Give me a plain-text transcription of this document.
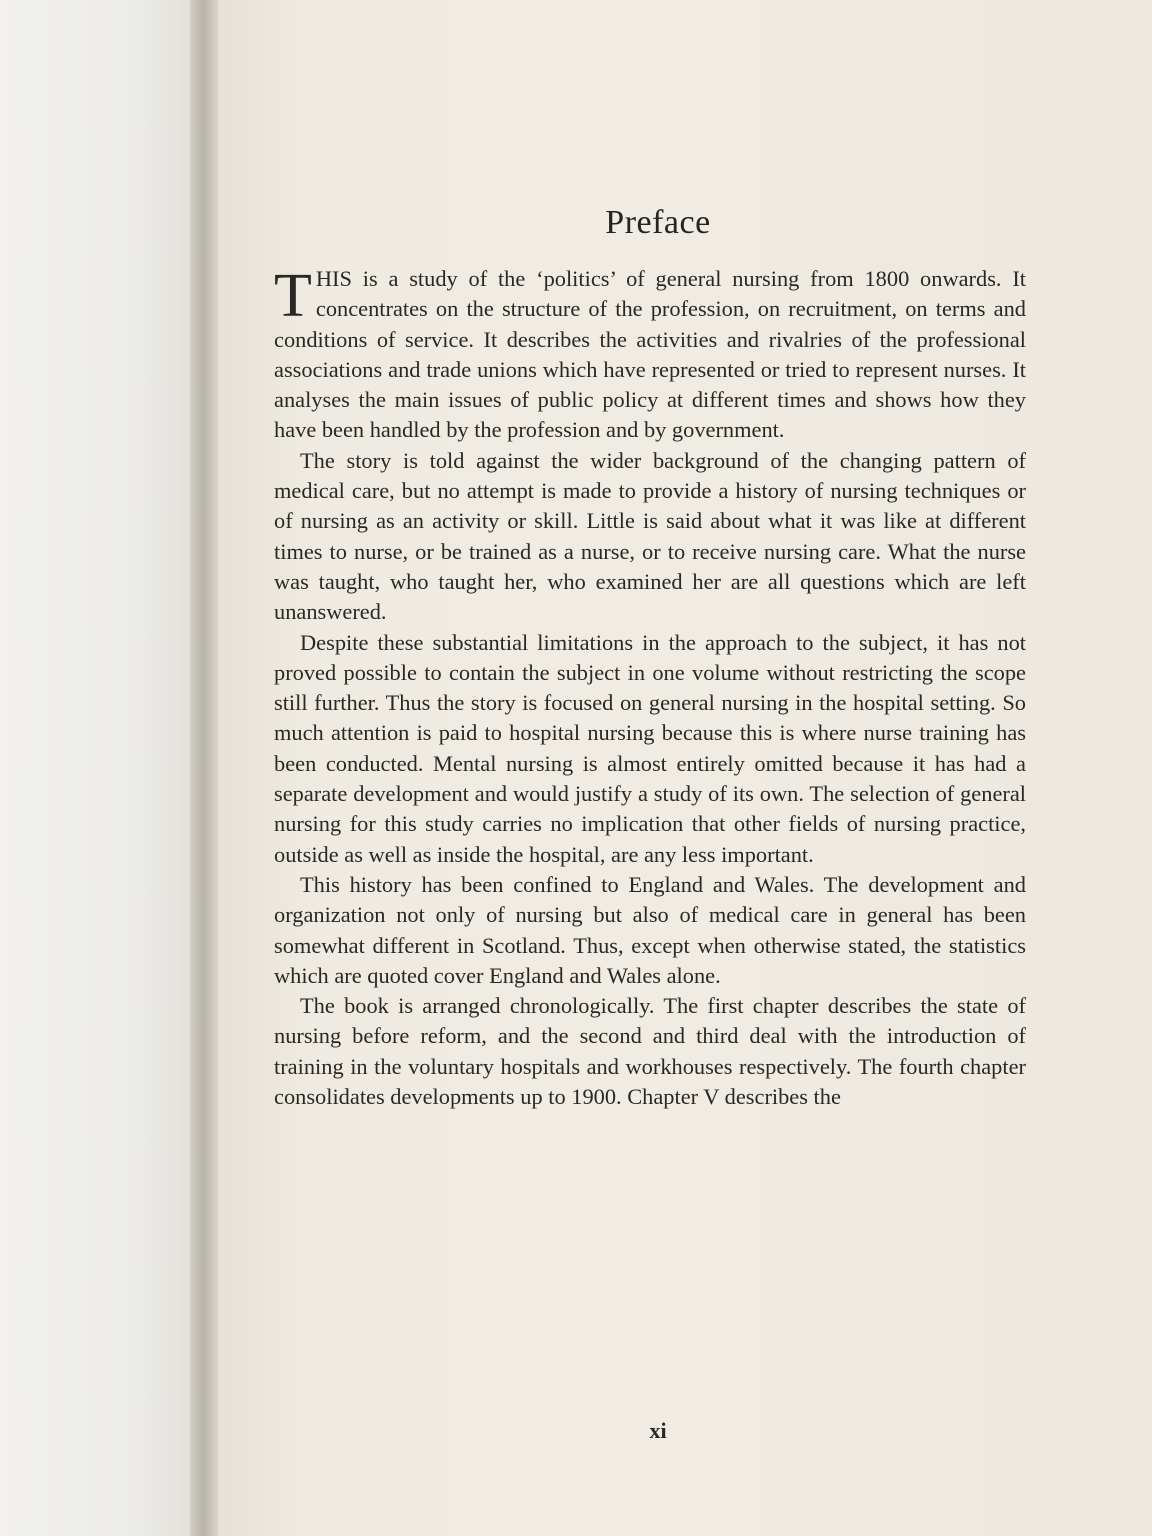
Preface

THIS is a study of the ‘politics’ of general nursing from 1800 onwards. It concentrates on the structure of the profession, on recruitment, on terms and conditions of service. It describes the activities and rivalries of the professional associations and trade unions which have represented or tried to represent nurses. It analyses the main issues of public policy at different times and shows how they have been handled by the profession and by government.

The story is told against the wider background of the changing pattern of medical care, but no attempt is made to provide a history of nursing techniques or of nursing as an activity or skill. Little is said about what it was like at different times to nurse, or be trained as a nurse, or to receive nursing care. What the nurse was taught, who taught her, who examined her are all questions which are left unanswered.

Despite these substantial limitations in the approach to the subject, it has not proved possible to contain the subject in one volume without restricting the scope still further. Thus the story is focused on general nursing in the hospital setting. So much attention is paid to hospital nursing because this is where nurse training has been conducted. Mental nursing is almost entirely omitted because it has had a separate development and would justify a study of its own. The selection of general nursing for this study carries no implication that other fields of nursing practice, outside as well as inside the hospital, are any less important.

This history has been confined to England and Wales. The development and organization not only of nursing but also of medical care in general has been somewhat different in Scotland. Thus, except when otherwise stated, the statistics which are quoted cover England and Wales alone.

The book is arranged chronologically. The first chapter describes the state of nursing before reform, and the second and third deal with the introduction of training in the voluntary hospitals and workhouses respectively. The fourth chapter consolidates developments up to 1900. Chapter V describes the

xi
